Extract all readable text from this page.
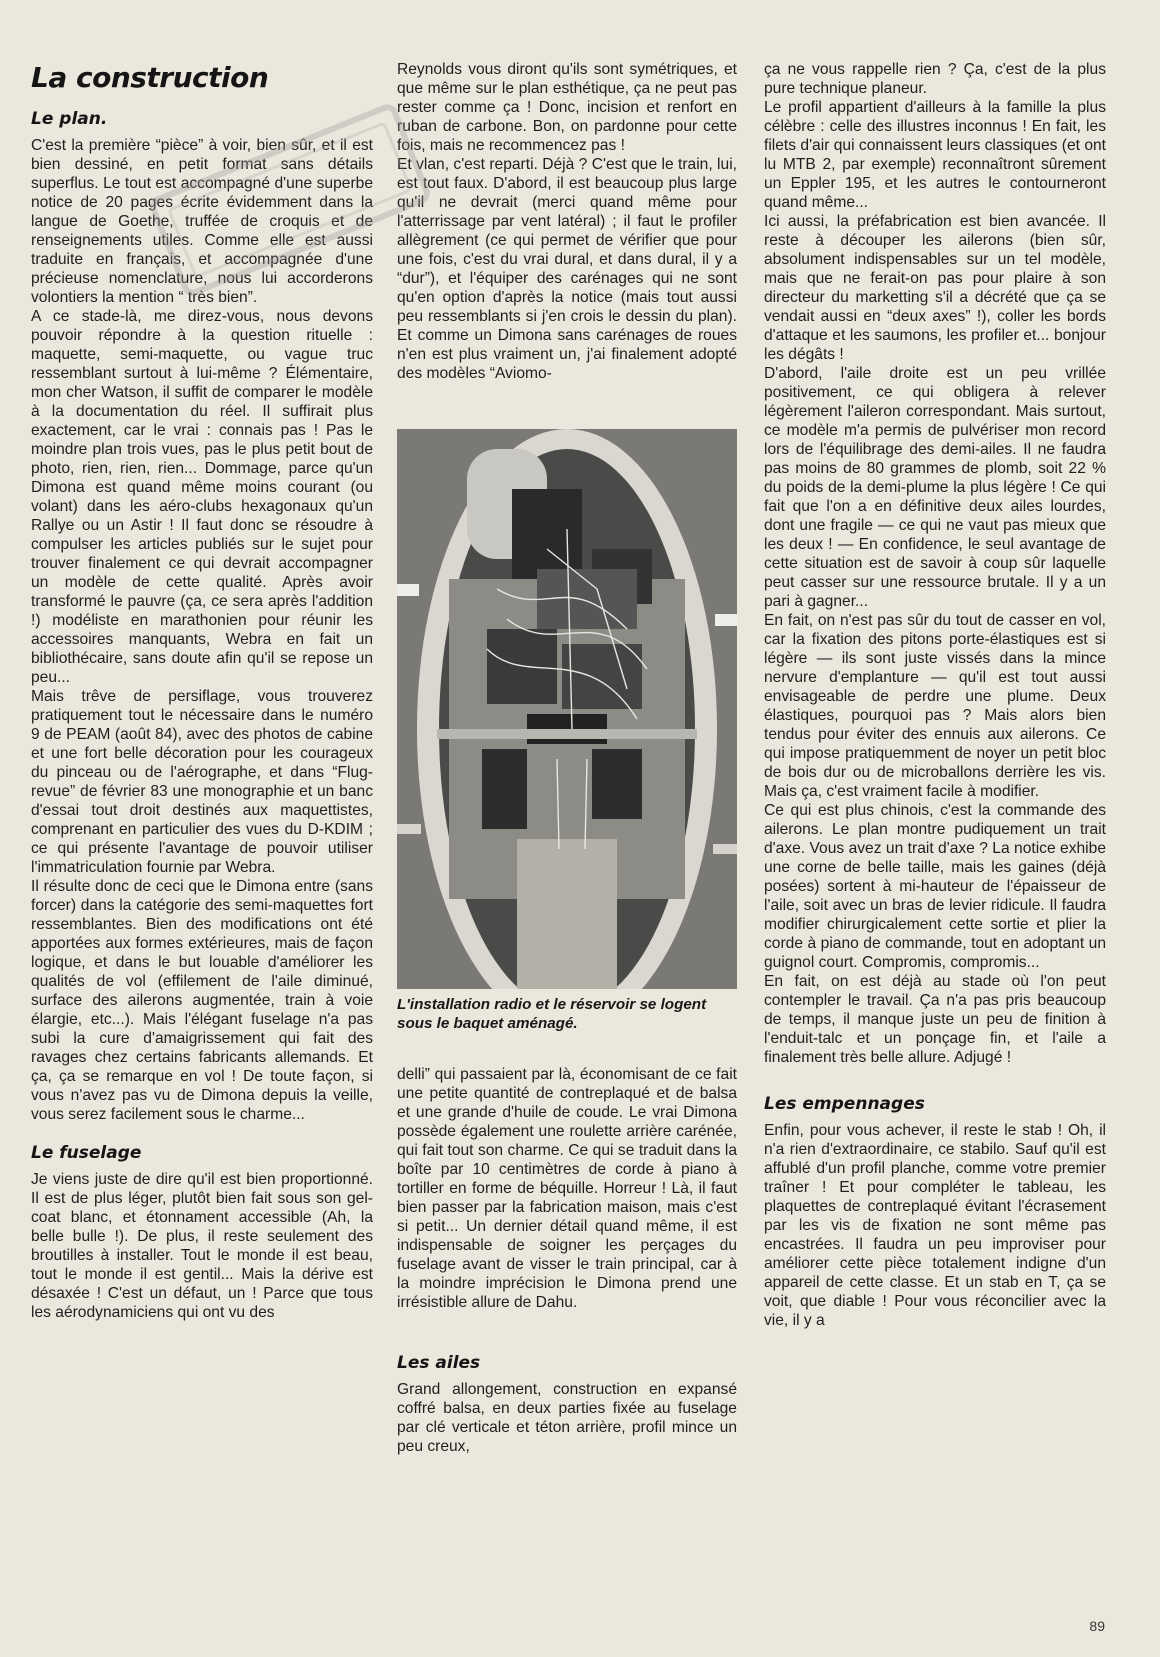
La construction
Le plan.

C'est la première “pièce” à voir, bien sûr, et il est bien dessiné, en petit format sans détails superflus. Le tout est accompagné d'une superbe notice de 20 pages écrite évidemment dans la langue de Goethe, truffée de croquis et de renseignements utiles. Comme elle est aussi traduite en français, et accompagnée d'une précieuse nomenclature, nous lui accorderons volontiers la mention “ très bien”.

A ce stade-là, me direz-vous, nous devons pouvoir répondre à la question rituelle : maquette, semi-maquette, ou vague truc ressemblant surtout à lui-même ? Élémentaire, mon cher Watson, il suffit de comparer le modèle à la documentation du réel. Il suffirait plus exactement, car le vrai : connais pas ! Pas le moindre plan trois vues, pas le plus petit bout de photo, rien, rien, rien... Dommage, parce qu'un Dimona est quand même moins courant (ou volant) dans les aéro-clubs hexagonaux qu'un Rallye ou un Astir ! Il faut donc se résoudre à compulser les articles publiés sur le sujet pour trouver finalement ce qui devrait accompagner un modèle de cette qualité. Après avoir transformé le pauvre (ça, ce sera après l'addition !) modéliste en marathonien pour réunir les accessoires manquants, Webra en fait un bibliothécaire, sans doute afin qu'il se repose un peu...

Mais trêve de persiflage, vous trouverez pratiquement tout le nécessaire dans le numéro 9 de PEAM (août 84), avec des photos de cabine et une fort belle décoration pour les courageux du pinceau ou de l'aérographe, et dans “Flug-revue” de février 83 une monographie et un banc d'essai tout droit destinés aux maquettistes, comprenant en particulier des vues du D-KDIM ; ce qui présente l'avantage de pouvoir utiliser l'immatriculation fournie par Webra.

Il résulte donc de ceci que le Dimona entre (sans forcer) dans la catégorie des semi-maquettes fort ressemblantes. Bien des modifications ont été apportées aux formes extérieures, mais de façon logique, et dans le but louable d'améliorer les qualités de vol (effilement de l'aile diminué, surface des ailerons augmentée, train à voie élargie, etc...). Mais l'élégant fuselage n'a pas subi la cure d'amaigrissement qui fait des ravages chez certains fabricants allemands. Et ça, ça se remarque en vol ! De toute façon, si vous n'avez pas vu de Dimona depuis la veille, vous serez facilement sous le charme...

Le fuselage

Je viens juste de dire qu'il est bien proportionné. Il est de plus léger, plutôt bien fait sous son gel-coat blanc, et étonnament accessible (Ah, la belle bulle !). De plus, il reste seulement des broutilles à installer. Tout le monde il est beau, tout le monde il est gentil... Mais la dérive est désaxée ! C'est un défaut, un ! Parce que tous les aérodynamiciens qui ont vu des

Reynolds vous diront qu'ils sont symétriques, et que même sur le plan esthétique, ça ne peut pas rester comme ça ! Donc, incision et renfort en ruban de carbone. Bon, on pardonne pour cette fois, mais ne recommencez pas !

Et vlan, c'est reparti. Déjà ? C'est que le train, lui, est tout faux. D'abord, il est beaucoup plus large qu'il ne devrait (merci quand même pour l'atterrissage par vent latéral) ; il faut le profiler allègrement (ce qui permet de vérifier que pour une fois, c'est du vrai dural, et dans dural, il y a “dur”), et l'équiper des carénages qui ne sont qu'en option d'après la notice (mais tout aussi peu ressemblants si j'en crois le dessin du plan). Et comme un Dimona sans carénages de roues n'en est plus vraiment un, j'ai finalement adopté des modèles “Aviomo-

L'installation radio et le réservoir se logent sous le baquet aménagé.

delli” qui passaient par là, économisant de ce fait une petite quantité de contreplaqué et de balsa et une grande d'huile de coude. Le vrai Dimona possède également une roulette arrière carénée, qui fait tout son charme. Ce qui se traduit dans la boîte par 10 centimètres de corde à piano à tortiller en forme de béquille. Horreur ! Là, il faut bien passer par la fabrication maison, mais c'est si petit... Un dernier détail quand même, il est indispensable de soigner les perçages du fuselage avant de visser le train principal, car à la moindre imprécision le Dimona prend une irrésistible allure de Dahu.

Les ailes

Grand allongement, construction en expansé coffré balsa, en deux parties fixée au fuselage par clé verticale et téton arrière, profil mince un peu creux,

ça ne vous rappelle rien ? Ça, c'est de la plus pure technique planeur.

Le profil appartient d'ailleurs à la famille la plus célèbre : celle des illustres inconnus ! En fait, les filets d'air qui connaissent leurs classiques (et ont lu MTB 2, par exemple) reconnaîtront sûrement un Eppler 195, et les autres le contourneront quand même...

Ici aussi, la préfabrication est bien avancée. Il reste à découper les ailerons (bien sûr, absolument indispensables sur un tel modèle, mais que ne ferait-on pas pour plaire à son directeur du marketting s'il a décrété que ça se vendait aussi en “deux axes” !), coller les bords d'attaque et les saumons, les profiler et... bonjour les dégâts !

D'abord, l'aile droite est un peu vrillée positivement, ce qui obligera à relever légèrement l'aileron correspondant. Mais surtout, ce modèle m'a permis de pulvériser mon record lors de l'équilibrage des demi-ailes. Il ne faudra pas moins de 80 grammes de plomb, soit 22 % du poids de la demi-plume la plus légère ! Ce qui fait que l'on a en définitive deux ailes lourdes, dont une fragile — ce qui ne vaut pas mieux que les deux ! — En confidence, le seul avantage de cette situation est de savoir à coup sûr laquelle peut casser sur une ressource brutale. Il y a un pari à gagner...

En fait, on n'est pas sûr du tout de casser en vol, car la fixation des pitons porte-élastiques est si légère — ils sont juste vissés dans la mince nervure d'emplanture — qu'il est tout aussi envisageable de perdre une plume. Deux élastiques, pourquoi pas ? Mais alors bien tendus pour éviter des ennuis aux ailerons. Ce qui impose pratiquemment de noyer un petit bloc de bois dur ou de microballons derrière les vis. Mais ça, c'est vraiment facile à modifier.

Ce qui est plus chinois, c'est la commande des ailerons. Le plan montre pudiquement un trait d'axe. Vous avez un trait d'axe ? La notice exhibe une corne de belle taille, mais les gaines (déjà posées) sortent à mi-hauteur de l'épaisseur de l'aile, soit avec un bras de levier ridicule. Il faudra modifier chirurgicalement cette sortie et plier la corde à piano de commande, tout en adoptant un guignol court. Compromis, compromis...

En fait, on est déjà au stade où l'on peut contempler le travail. Ça n'a pas pris beaucoup de temps, il manque juste un peu de finition à l'enduit-talc et un ponçage fin, et l'aile a finalement très belle allure. Adjugé !

Les empennages

Enfin, pour vous achever, il reste le stab ! Oh, il n'a rien d'extraordinaire, ce stabilo. Sauf qu'il est affublé d'un profil planche, comme votre premier traîner ! Et pour compléter le tableau, les plaquettes de contreplaqué évitant l'écrasement par les vis de fixation ne sont même pas encastrées. Il faudra un peu improviser pour améliorer cette pièce totalement indigne d'un appareil de cette classe. Et un stab en T, ça se voit, que diable ! Pour vous réconcilier avec la vie, il y a

89
